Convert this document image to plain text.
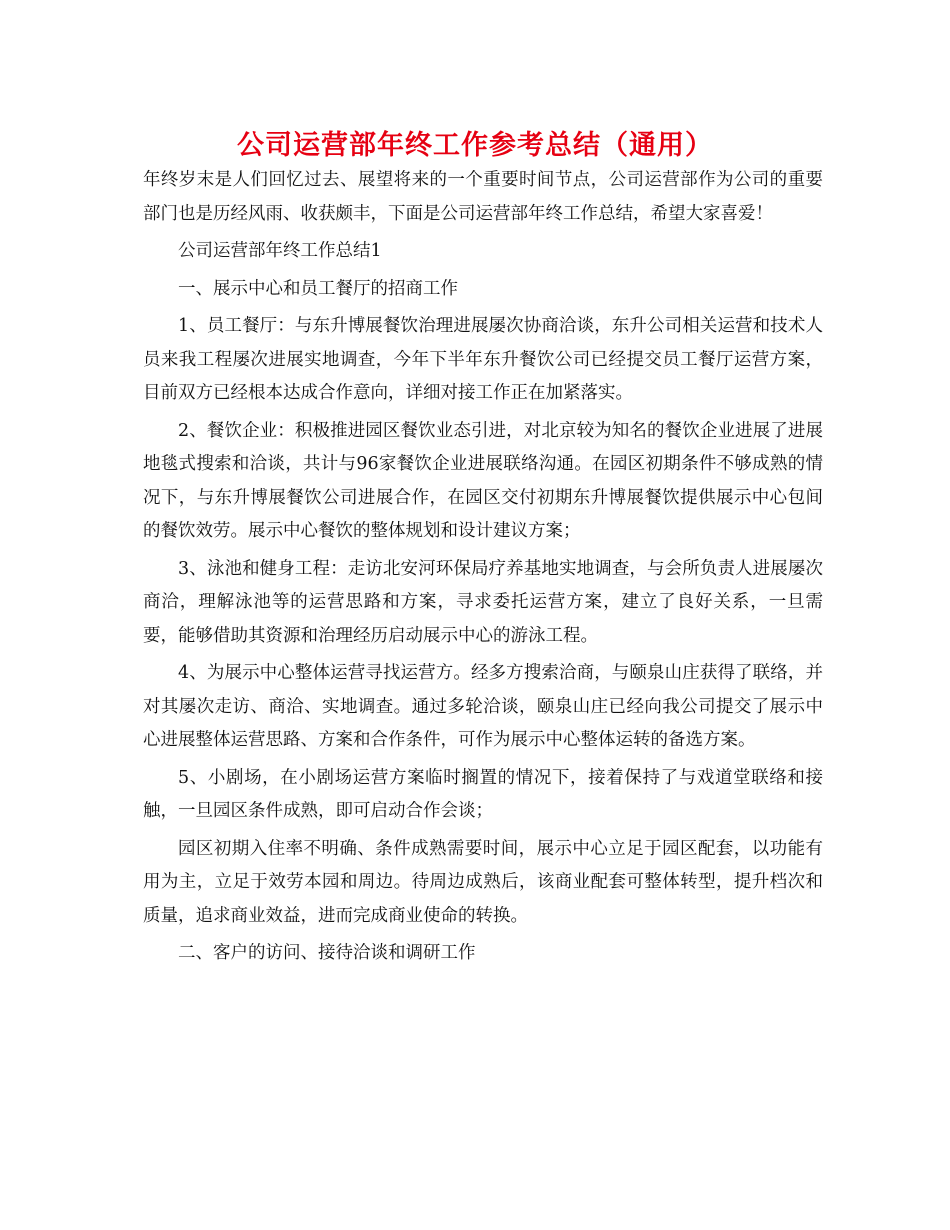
公司运营部年终工作参考总结（通用）

年终岁末是人们回忆过去、展望将来的一个重要时间节点，公司运营部作为公司的重要部门也是历经风雨、收获颇丰，下面是公司运营部年终工作总结，希望大家喜爱！

公司运营部年终工作总结1

一、展示中心和员工餐厅的招商工作

1、员工餐厅：与东升博展餐饮治理进展屡次协商洽谈，东升公司相关运营和技术人员来我工程屡次进展实地调查，今年下半年东升餐饮公司已经提交员工餐厅运营方案，目前双方已经根本达成合作意向，详细对接工作正在加紧落实。

2、餐饮企业：积极推进园区餐饮业态引进，对北京较为知名的餐饮企业进展了进展地毯式搜索和洽谈，共计与96家餐饮企业进展联络沟通。在园区初期条件不够成熟的情况下，与东升博展餐饮公司进展合作，在园区交付初期东升博展餐饮提供展示中心包间的餐饮效劳。展示中心餐饮的整体规划和设计建议方案；

3、泳池和健身工程：走访北安河环保局疗养基地实地调查，与会所负责人进展屡次商洽，理解泳池等的运营思路和方案，寻求委托运营方案，建立了良好关系，一旦需要，能够借助其资源和治理经历启动展示中心的游泳工程。

4、为展示中心整体运营寻找运营方。经多方搜索洽商，与颐泉山庄获得了联络，并对其屡次走访、商洽、实地调查。通过多轮洽谈，颐泉山庄已经向我公司提交了展示中心进展整体运营思路、方案和合作条件，可作为展示中心整体运转的备选方案。

5、小剧场，在小剧场运营方案临时搁置的情况下，接着保持了与戏道堂联络和接触，一旦园区条件成熟，即可启动合作会谈；

园区初期入住率不明确、条件成熟需要时间，展示中心立足于园区配套，以功能有用为主，立足于效劳本园和周边。待周边成熟后，该商业配套可整体转型，提升档次和质量，追求商业效益，进而完成商业使命的转换。

二、客户的访问、接待洽谈和调研工作
